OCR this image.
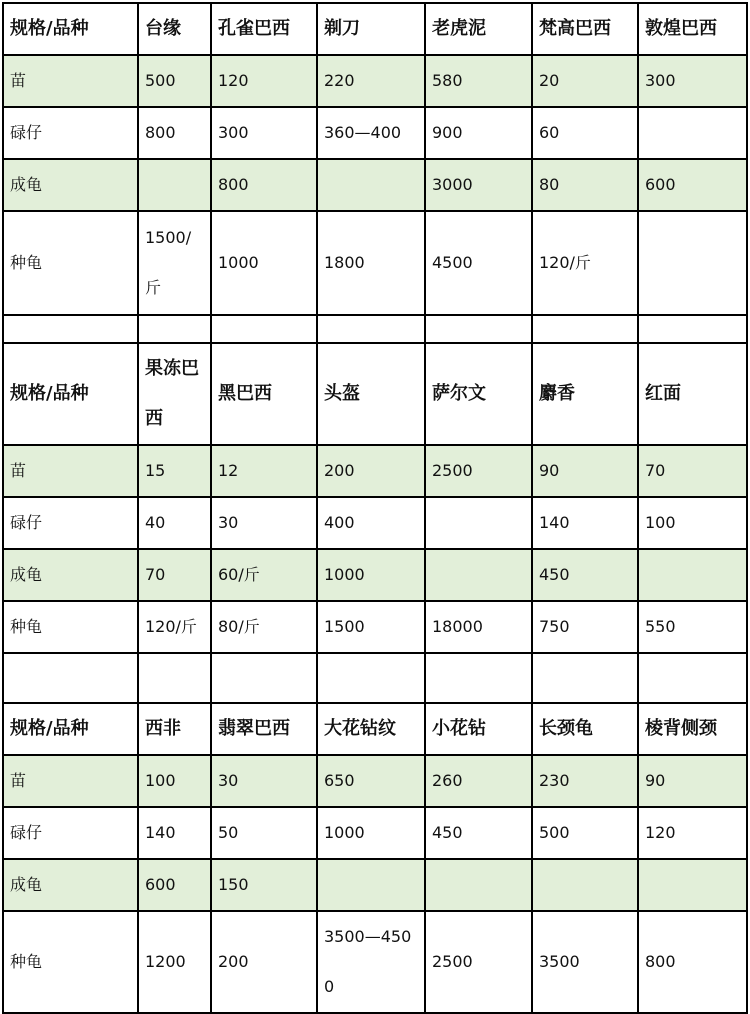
规格/品种	台缘	孔雀巴西	剃刀	老虎泥	梵高巴西	敦煌巴西
苗	500	120	220	580	20	300
碌仔	800	300	360—400	900	60	
成龟		800		3000	80	600
种龟	1500/斤	1000	1800	4500	120/斤	

规格/品种	果冻巴西	黑巴西	头盔	萨尔文	麝香	红面
苗	15	12	200	2500	90	70
碌仔	40	30	400		140	100
成龟	70	60/斤	1000		450	
种龟	120/斤	80/斤	1500	18000	750	550

规格/品种	西非	翡翠巴西	大花钻纹	小花钻	长颈龟	棱背侧颈
苗	100	30	650	260	230	90
碌仔	140	50	1000	450	500	120
成龟	600	150				
种龟	1200	200	3500—4500	2500	3500	800
